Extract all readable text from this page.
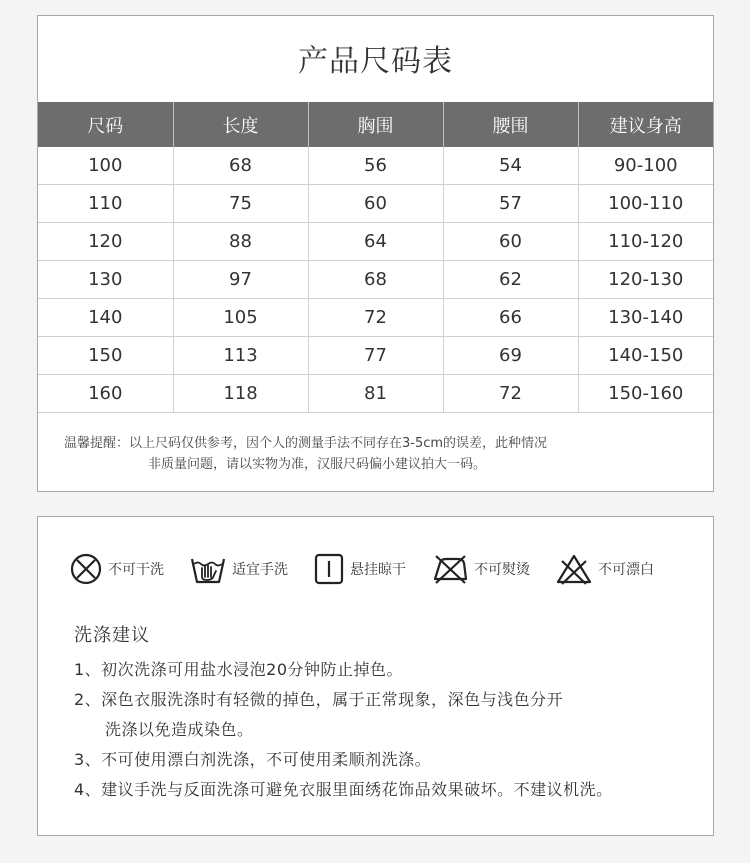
产品尺码表
尺码	长度	胸围	腰围	建议身高
100	68	56	54	90-100
110	75	60	57	100-110
120	88	64	60	110-120
130	97	68	62	120-130
140	105	72	66	130-140
150	113	77	69	140-150
160	118	81	72	150-160
温馨提醒：以上尺码仅供参考，因个人的测量手法不同存在3-5cm的误差，此种情况
非质量问题，请以实物为准，汉服尺码偏小建议拍大一码。
不可干洗	适宜手洗	悬挂晾干	不可熨烫	不可漂白
洗涤建议
1、初次洗涤可用盐水浸泡20分钟防止掉色。
2、深色衣服洗涤时有轻微的掉色，属于正常现象，深色与浅色分开
洗涤以免造成染色。
3、不可使用漂白剂洗涤，不可使用柔顺剂洗涤。
4、建议手洗与反面洗涤可避免衣服里面绣花饰品效果破坏。不建议机洗。
